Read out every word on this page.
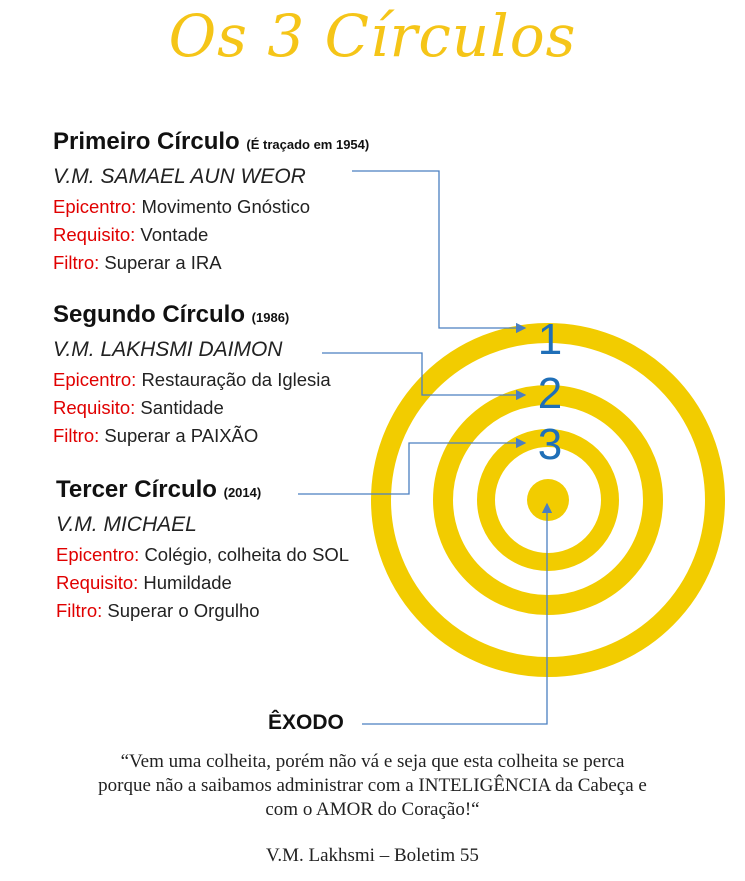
Os 3 Círculos
1
2
3
Primeiro Círculo (É traçado em 1954)
V.M. SAMAEL AUN WEOR
Epicentro: Movimento Gnóstico
Requisito: Vontade
Filtro: Superar a IRA
Segundo Círculo (1986)
V.M. LAKHSMI DAIMON
Epicentro: Restauração da Iglesia
Requisito: Santidade
Filtro: Superar a PAIXÃO
Tercer Círculo (2014)
V.M. MICHAEL
Epicentro: Colégio, colheita do SOL
Requisito: Humildade
Filtro: Superar o Orgulho
ÊXODO
“Vem uma colheita, porém não vá e seja que esta colheita se perca
porque não a saibamos administrar com a INTELIGÊNCIA da Cabeça e
com o AMOR do Coração!“
V.M. Lakhsmi – Boletim 55
